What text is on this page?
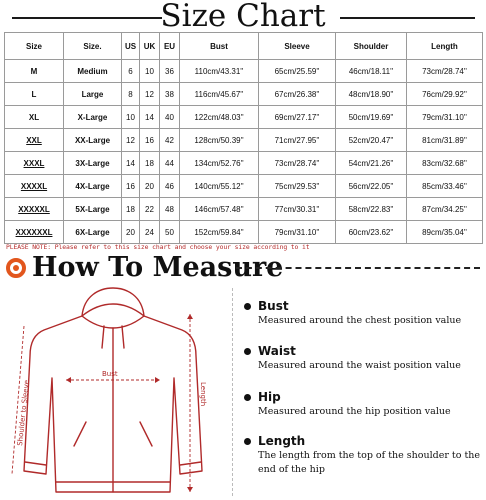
Size Chart
Size	Size.	US	UK	EU	Bust	Sleeve	Shoulder	Length
M	Medium	6	10	36	110cm/43.31''	65cm/25.59''	46cm/18.11''	73cm/28.74''
L	Large	8	12	38	116cm/45.67''	67cm/26.38''	48cm/18.90''	76cm/29.92''
XL	X-Large	10	14	40	122cm/48.03''	69cm/27.17''	50cm/19.69''	79cm/31.10''
XXL	XX-Large	12	16	42	128cm/50.39''	71cm/27.95''	52cm/20.47''	81cm/31.89''
XXXL	3X-Large	14	18	44	134cm/52.76''	73cm/28.74''	54cm/21.26''	83cm/32.68''
XXXXL	4X-Large	16	20	46	140cm/55.12''	75cm/29.53''	56cm/22.05''	85cm/33.46''
XXXXXL	5X-Large	18	22	48	146cm/57.48''	77cm/30.31''	58cm/22.83''	87cm/34.25''
XXXXXXL	6X-Large	20	24	50	152cm/59.84''	79cm/31.10''	60cm/23.62''	89cm/35.04''
PLEASE NOTE: Please refer to this size chart and choose your size according to it
How To Measure
Bust
Length
Shoulder to Sleeve
Bust
Measured around the chest position value
Waist
Measured around the waist position value
Hip
Measured around the hip position value
Length
The length from the top of the shoulder to the end of the hip
